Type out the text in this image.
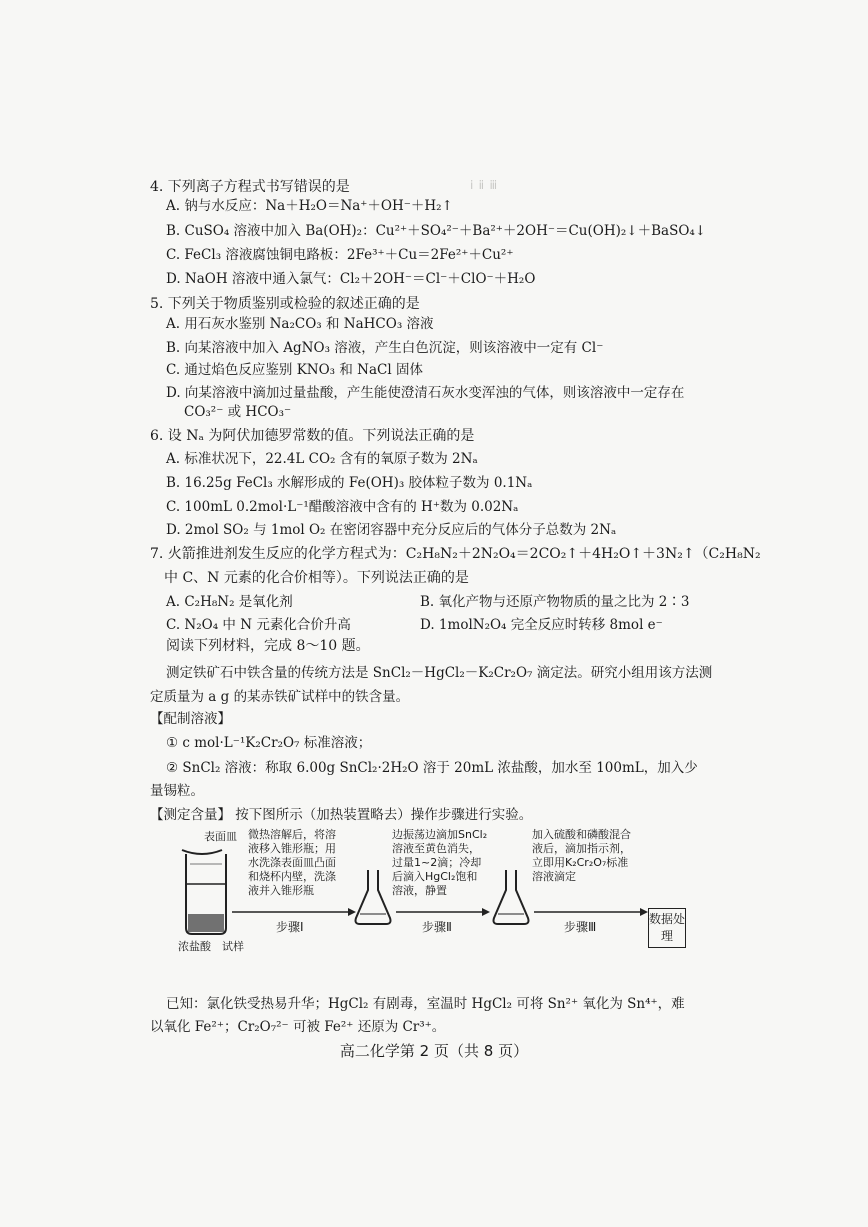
ⅰ ⅱ ⅲ
4. 下列离子方程式书写错误的是
A. 钠与水反应：Na＋H₂O＝Na⁺＋OH⁻＋H₂↑
B. CuSO₄ 溶液中加入 Ba(OH)₂：Cu²⁺＋SO₄²⁻＋Ba²⁺＋2OH⁻＝Cu(OH)₂↓＋BaSO₄↓
C. FeCl₃ 溶液腐蚀铜电路板：2Fe³⁺＋Cu＝2Fe²⁺＋Cu²⁺
D. NaOH 溶液中通入氯气：Cl₂＋2OH⁻＝Cl⁻＋ClO⁻＋H₂O
5. 下列关于物质鉴别或检验的叙述正确的是
A. 用石灰水鉴别 Na₂CO₃ 和 NaHCO₃ 溶液
B. 向某溶液中加入 AgNO₃ 溶液，产生白色沉淀，则该溶液中一定有 Cl⁻
C. 通过焰色反应鉴别 KNO₃ 和 NaCl 固体
D. 向某溶液中滴加过量盐酸，产生能使澄清石灰水变浑浊的气体，则该溶液中一定存在
CO₃²⁻ 或 HCO₃⁻
6. 设 Nₐ 为阿伏加德罗常数的值。下列说法正确的是
A. 标准状况下，22.4L CO₂ 含有的氧原子数为 2Nₐ
B. 16.25g FeCl₃ 水解形成的 Fe(OH)₃ 胶体粒子数为 0.1Nₐ
C. 100mL 0.2mol·L⁻¹醋酸溶液中含有的 H⁺数为 0.02Nₐ
D. 2mol SO₂ 与 1mol O₂ 在密闭容器中充分反应后的气体分子总数为 2Nₐ
7. 火箭推进剂发生反应的化学方程式为：C₂H₈N₂＋2N₂O₄＝2CO₂↑＋4H₂O↑＋3N₂↑（C₂H₈N₂
中 C、N 元素的化合价相等）。下列说法正确的是
A. C₂H₈N₂ 是氧化剂	B. 氧化产物与还原产物物质的量之比为 2∶3
C. N₂O₄ 中 N 元素化合价升高	D. 1molN₂O₄ 完全反应时转移 8mol e⁻
阅读下列材料，完成 8～10 题。
测定铁矿石中铁含量的传统方法是 SnCl₂－HgCl₂－K₂Cr₂O₇ 滴定法。研究小组用该方法测
定质量为 a g 的某赤铁矿试样中的铁含量。
【配制溶液】
① c mol·L⁻¹K₂Cr₂O₇ 标准溶液；
② SnCl₂ 溶液：称取 6.00g SnCl₂·2H₂O 溶于 20mL 浓盐酸，加水至 100mL，加入少
量锡粒。
【测定含量】 按下图所示（加热装置略去）操作步骤进行实验。
表面皿
浓盐酸 试样
微热溶解后，将溶液移入锥形瓶；用水洗涤表面皿凸面和烧杯内壁，洗涤液并入锥形瓶
步骤Ⅰ
边振荡边滴加SnCl₂溶液至黄色消失，过量1~2滴；冷却后滴入HgCl₂饱和溶液，静置
步骤Ⅱ
加入硫酸和磷酸混合液后，滴加指示剂，立即用K₂Cr₂O₇标准溶液滴定
步骤Ⅲ
数据处理
已知：氯化铁受热易升华；HgCl₂ 有剧毒，室温时 HgCl₂ 可将 Sn²⁺ 氧化为 Sn⁴⁺，难
以氧化 Fe²⁺；Cr₂O₇²⁻ 可被 Fe²⁺ 还原为 Cr³⁺。
高二化学第 2 页（共 8 页）
